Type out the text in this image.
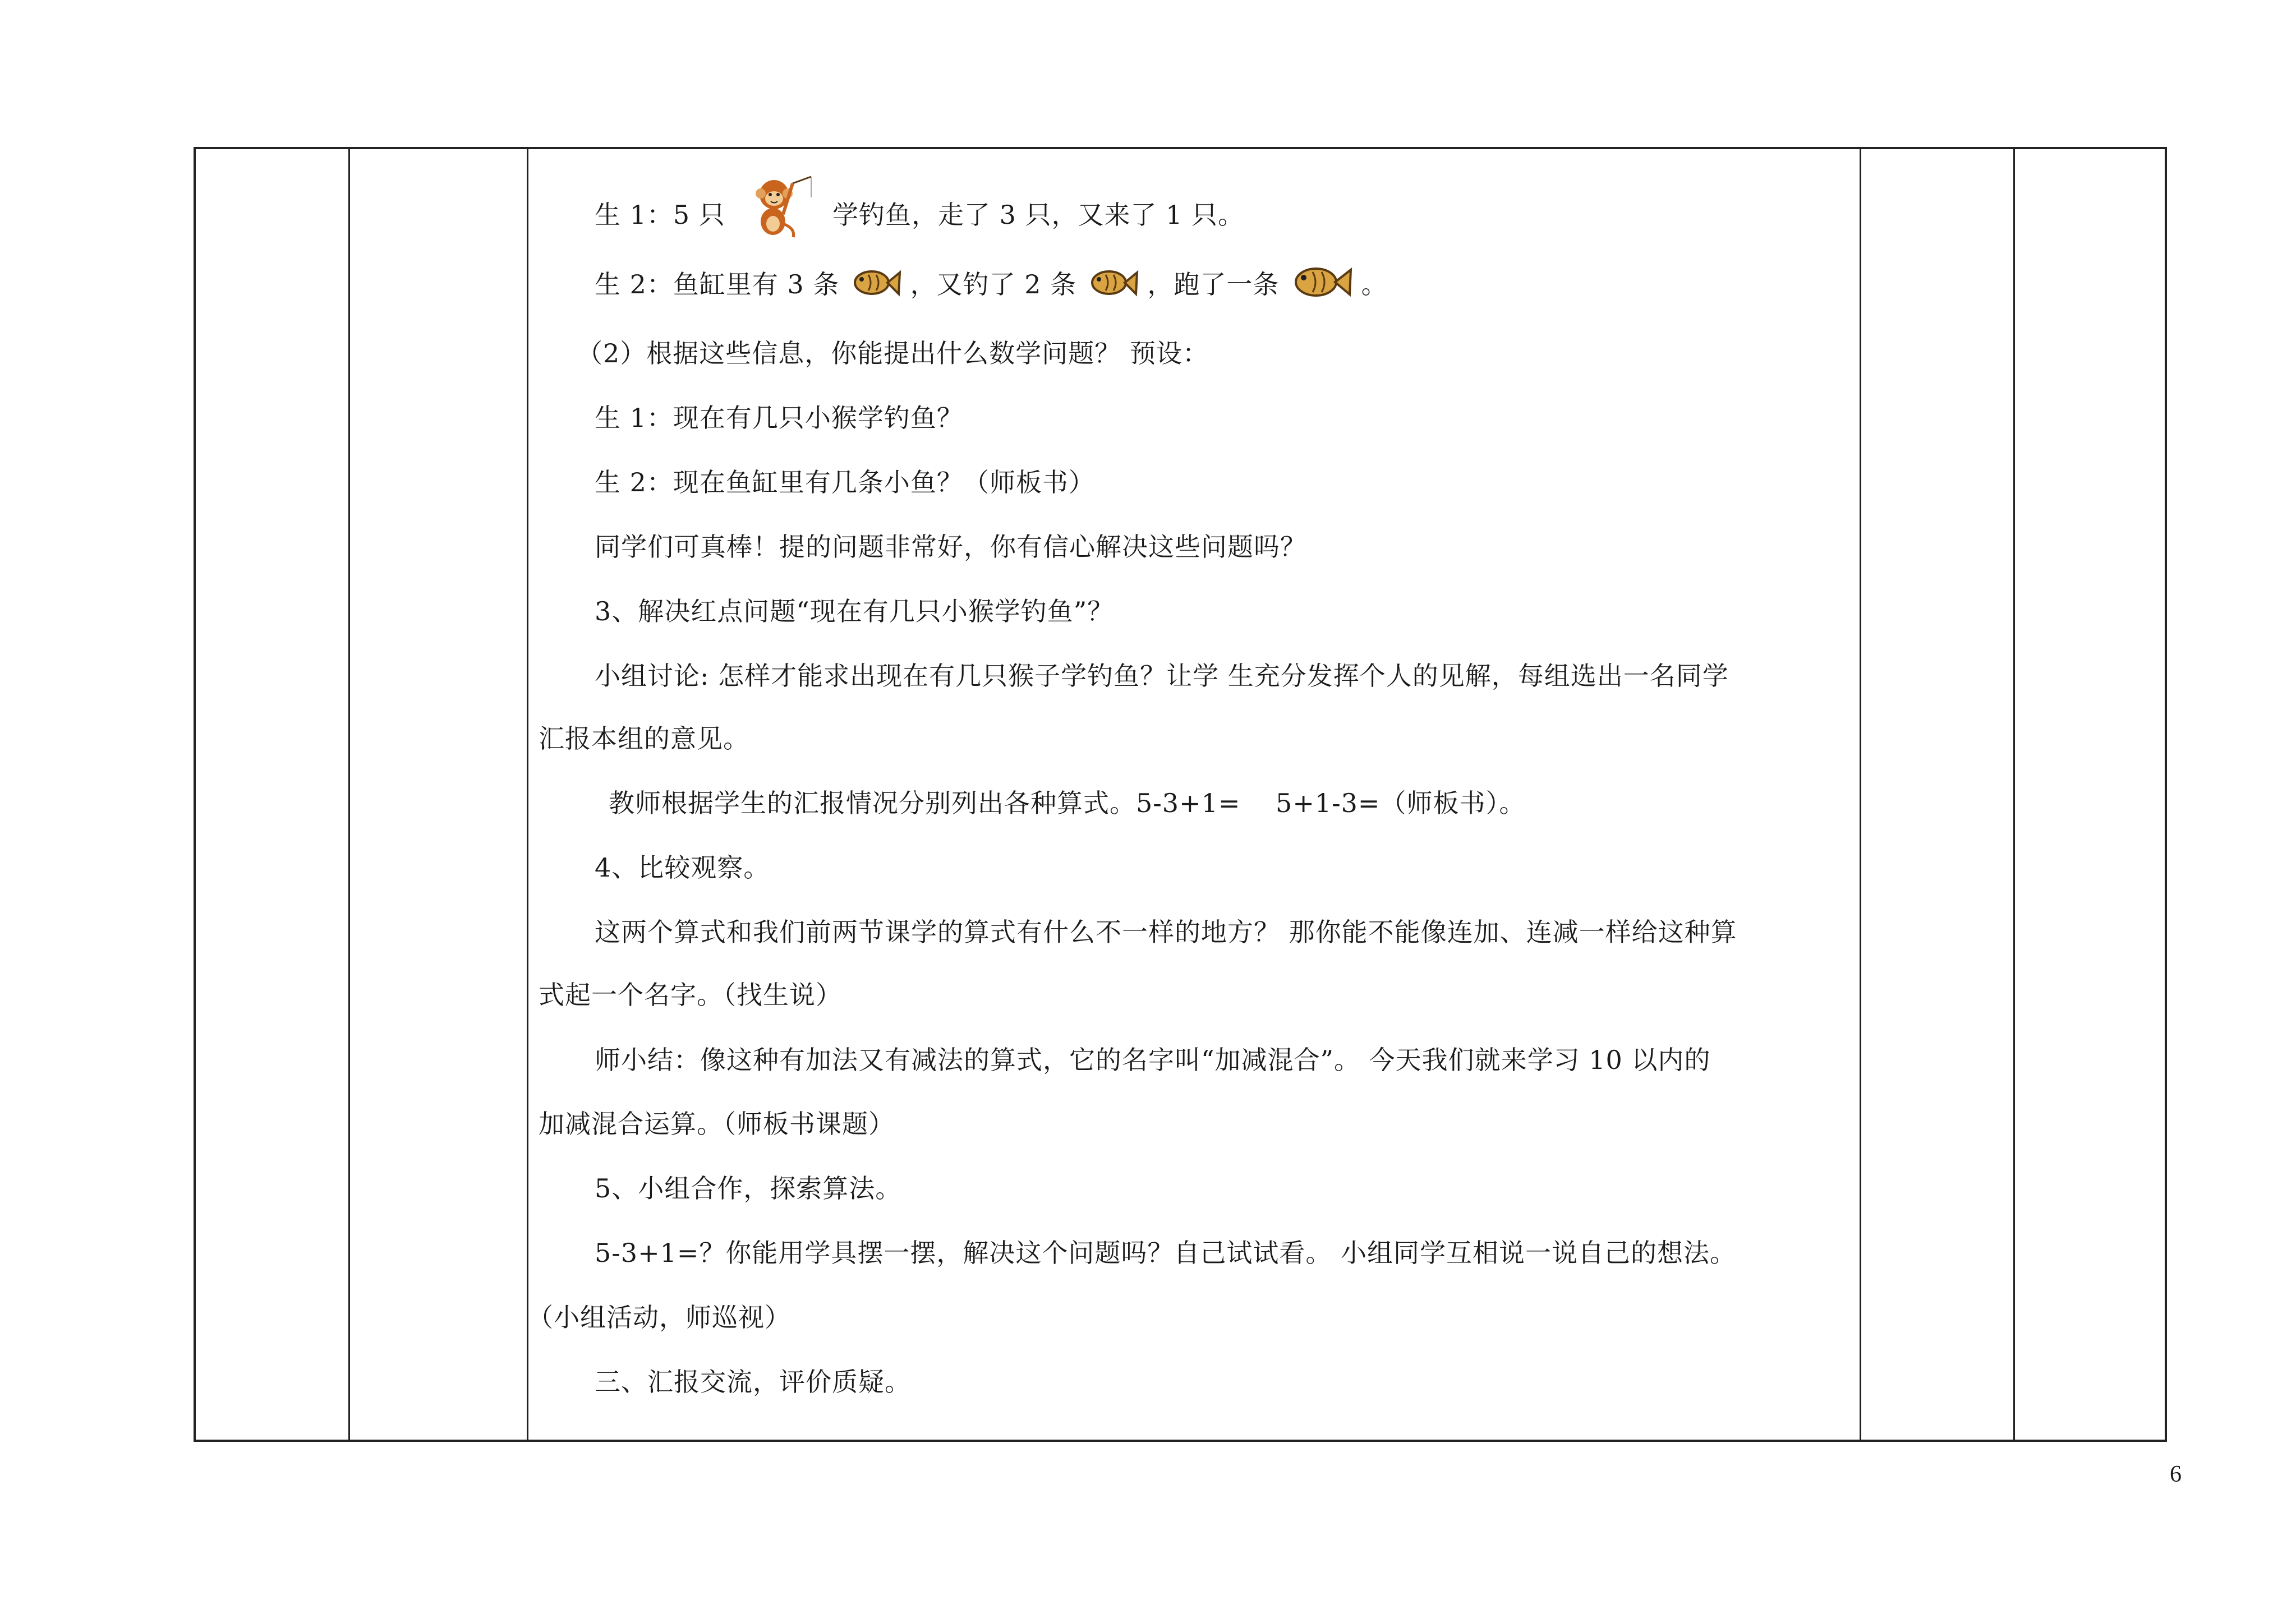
生 1：5 只	学钓鱼，走了 3 只，又来了 1 只。
生 2：鱼缸里有 3 条	，又钓了 2 条	，跑了一条	。
（2）根据这些信息，你能提出什么数学问题？ 预设：
生 1：现在有几只小猴学钓鱼？
生 2：现在鱼缸里有几条小鱼？（师板书）
同学们可真棒！提的问题非常好，你有信心解决这些问题吗？
3、解决红点问题“现在有几只小猴学钓鱼”？
小组讨论: 怎样才能求出现在有几只猴子学钓鱼？让学 生充分发挥个人的见解，每组选出一名同学
汇报本组的意见。
教师根据学生的汇报情况分别列出各种算式。5-3+1=　 5+1-3=（师板书）。
4、比较观察。
这两个算式和我们前两节课学的算式有什么不一样的地方？ 那你能不能像连加、连减一样给这种算
式起一个名字。（找生说）
师小结：像这种有加法又有减法的算式，它的名字叫“加减混合”。 今天我们就来学习 10 以内的
加减混合运算。（师板书课题）
5、小组合作，探索算法。
5-3+1=？你能用学具摆一摆，解决这个问题吗？自己试试看。 小组同学互相说一说自己的想法。
（小组活动，师巡视）
三、汇报交流，评价质疑。
6
